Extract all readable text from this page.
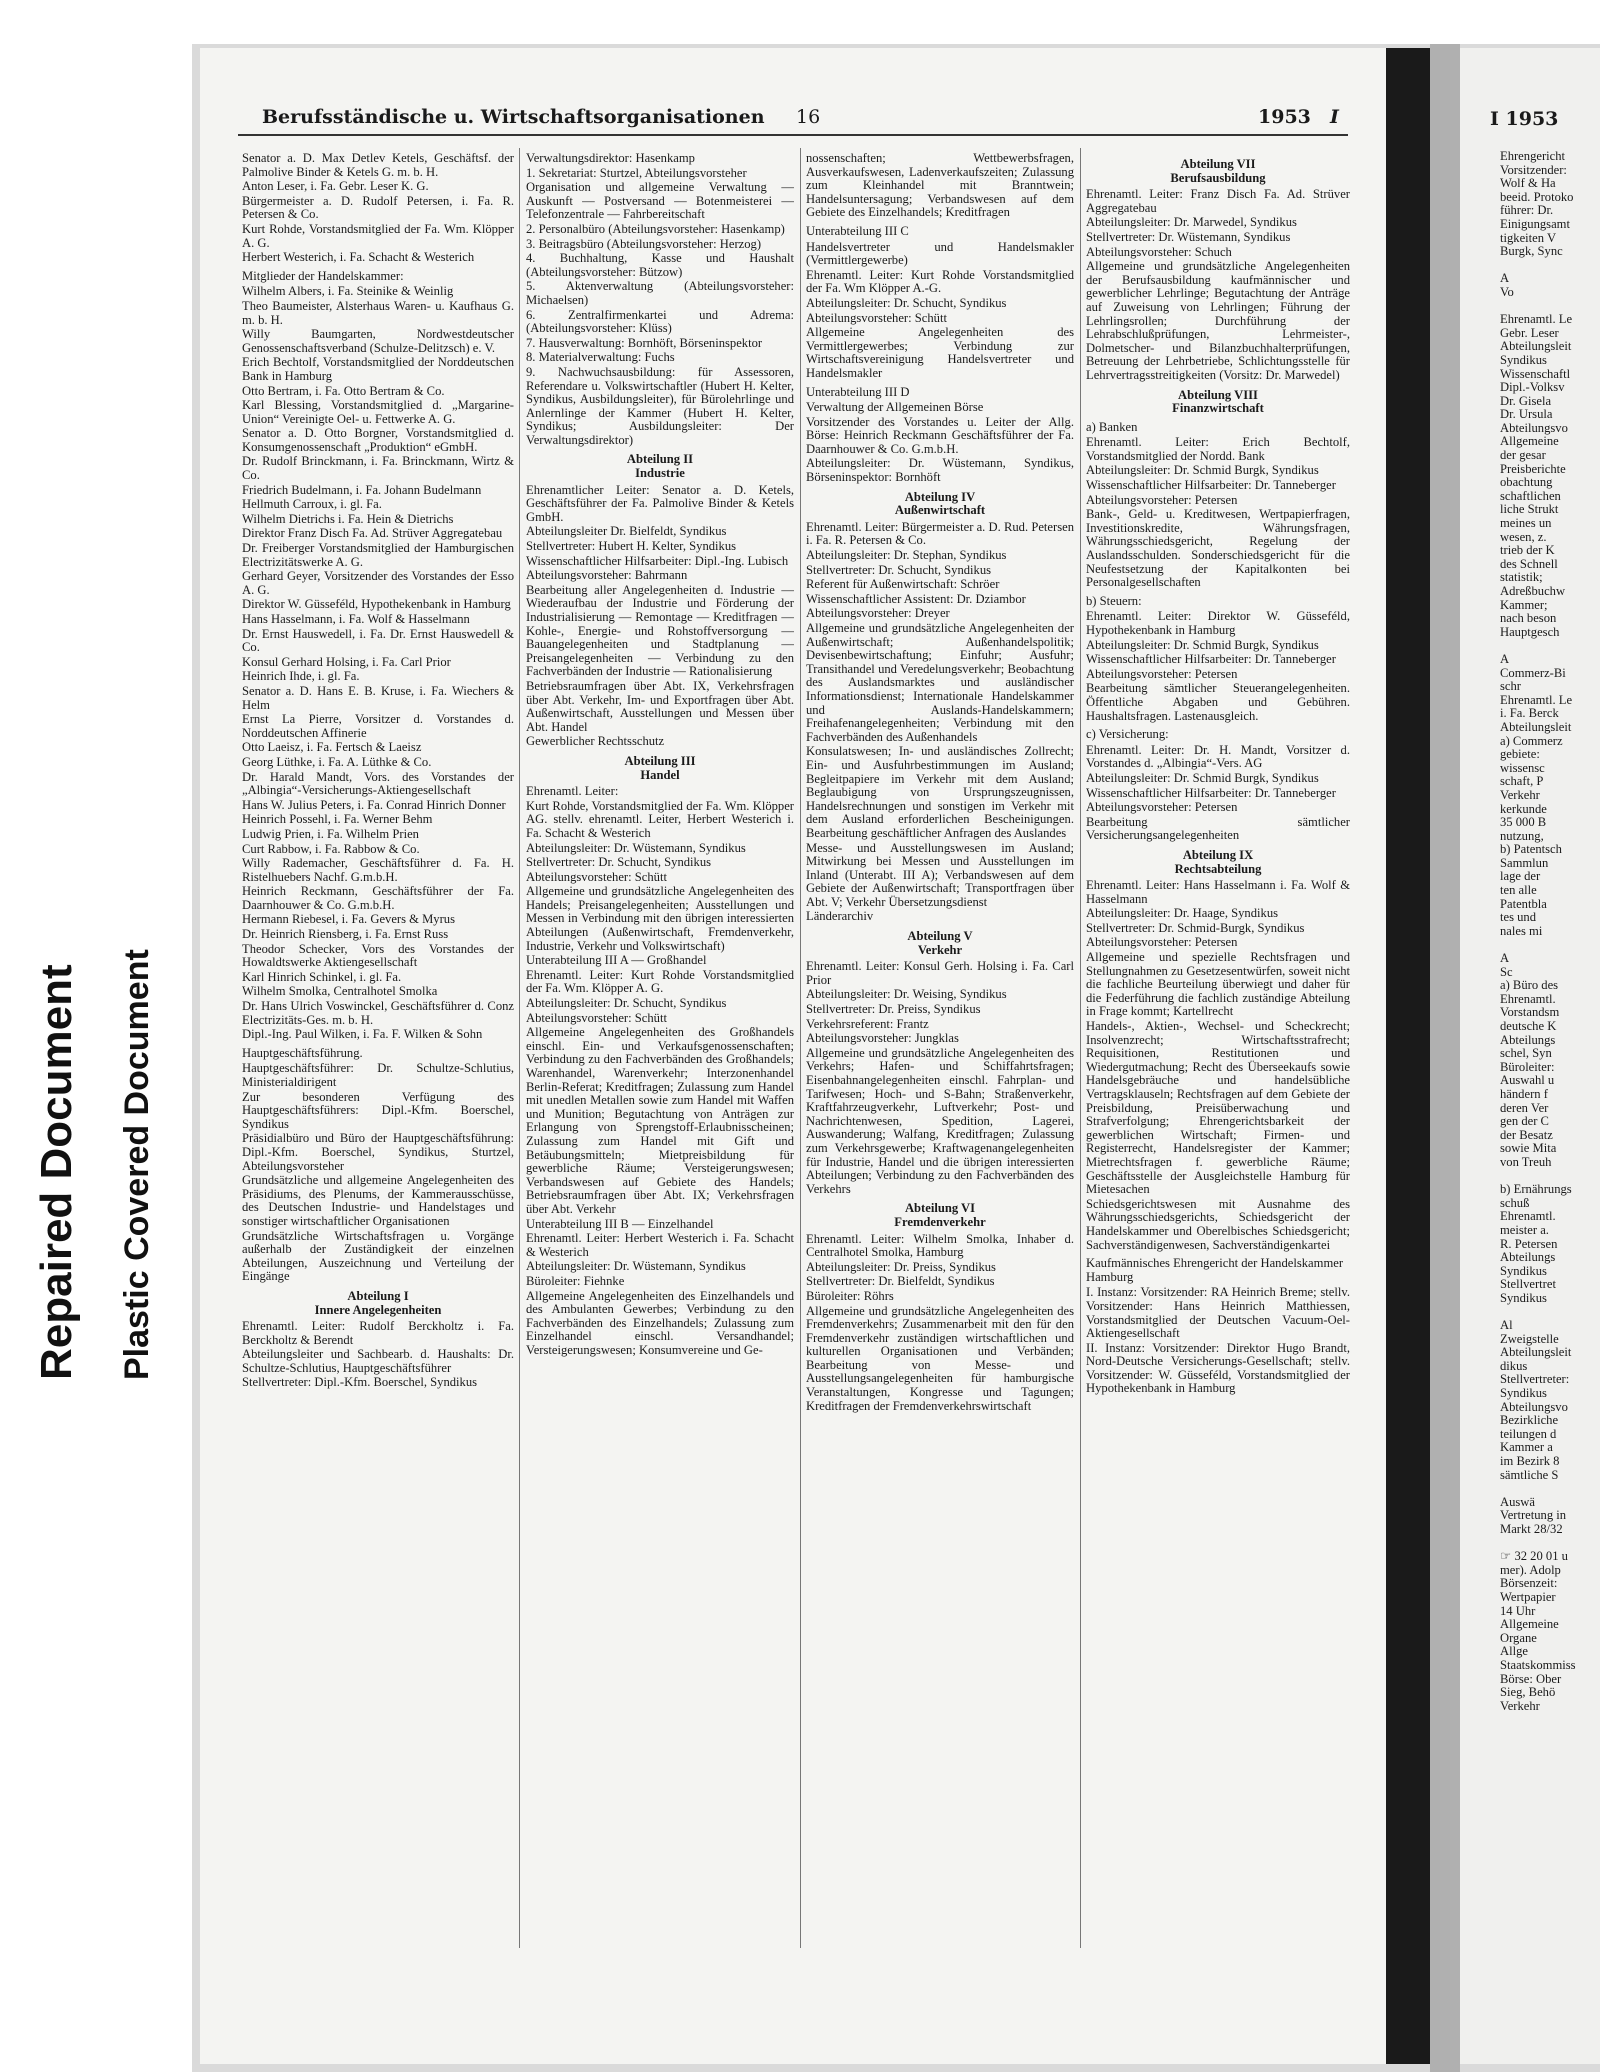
Repaired Document Plastic Covered Document
Berufsständische u. Wirtschaftsorganisationen 16	1953 I
Senator a. D. Max Detlev Ketels, Geschäftsf. der Palmolive Binder & Ketels G. m. b. H.
Anton Leser, i. Fa. Gebr. Leser K. G.
Bürgermeister a. D. Rudolf Petersen, i. Fa. R. Petersen & Co.
Kurt Rohde, Vorstandsmitglied der Fa. Wm. Klöpper A. G.
Herbert Westerich, i. Fa. Schacht & Westerich
Mitglieder der Handelskammer:
Wilhelm Albers, i. Fa. Steinike & Weinlig
Theo Baumeister, Alsterhaus Waren- u. Kaufhaus G. m. b. H.
Willy Baumgarten, Nordwestdeutscher Genossenschaftsverband (Schulze-Delitzsch) e. V.
Erich Bechtolf, Vorstandsmitglied der Norddeutschen Bank in Hamburg
Otto Bertram, i. Fa. Otto Bertram & Co.
Karl Blessing, Vorstandsmitglied d. „Margarine-Union“ Vereinigte Oel- u. Fettwerke A. G.
Senator a. D. Otto Borgner, Vorstandsmitglied d. Konsumgenossenschaft „Produktion“ eGmbH.
Dr. Rudolf Brinckmann, i. Fa. Brinckmann, Wirtz & Co.
Friedrich Budelmann, i. Fa. Johann Budelmann
Hellmuth Carroux, i. gl. Fa.
Wilhelm Dietrichs i. Fa. Hein & Dietrichs
Direktor Franz Disch Fa. Ad. Strüver Aggregatebau
Dr. Freiberger Vorstandsmitglied der Hamburgischen Electrizitätswerke A. G.
Gerhard Geyer, Vorsitzender des Vorstandes der Esso A. G.
Direktor W. Güsseféld, Hypothekenbank in Hamburg
Hans Hasselmann, i. Fa. Wolf & Hasselmann
Dr. Ernst Hauswedell, i. Fa. Dr. Ernst Hauswedell & Co.
Konsul Gerhard Holsing, i. Fa. Carl Prior
Heinrich Ihde, i. gl. Fa.
Senator a. D. Hans E. B. Kruse, i. Fa. Wiechers & Helm
Ernst La Pierre, Vorsitzer d. Vorstandes d. Norddeutschen Affinerie
Otto Laeisz, i. Fa. Fertsch & Laeisz
Georg Lüthke, i. Fa. A. Lüthke & Co.
Dr. Harald Mandt, Vors. des Vorstandes der „Albingia“-Versicherungs-Aktiengesellschaft
Hans W. Julius Peters, i. Fa. Conrad Hinrich Donner
Heinrich Possehl, i. Fa. Werner Behm
Ludwig Prien, i. Fa. Wilhelm Prien
Curt Rabbow, i. Fa. Rabbow & Co.
Willy Rademacher, Geschäftsführer d. Fa. H. Ristelhuebers Nachf. G.m.b.H.
Heinrich Reckmann, Geschäftsführer der Fa. Daarnhouwer & Co. G.m.b.H.
Hermann Riebesel, i. Fa. Gevers & Myrus
Dr. Heinrich Riensberg, i. Fa. Ernst Russ
Theodor Schecker, Vors des Vorstandes der Howaldtswerke Aktiengesellschaft
Karl Hinrich Schinkel, i. gl. Fa.
Wilhelm Smolka, Centralhotel Smolka
Dr. Hans Ulrich Voswinckel, Geschäftsführer d. Conz Electrizitäts-Ges. m. b. H.
Dipl.-Ing. Paul Wilken, i. Fa. F. Wilken & Sohn
Hauptgeschäftsführung.
Hauptgeschäftsführer: Dr. Schultze-Schlutius, Ministerialdirigent
Zur besonderen Verfügung des Hauptgeschäftsführers: Dipl.-Kfm. Boerschel, Syndikus
Präsidialbüro und Büro der Hauptgeschäftsführung: Dipl.-Kfm. Boerschel, Syndikus, Sturtzel, Abteilungsvorsteher
Grundsätzliche und allgemeine Angelegenheiten des Präsidiums, des Plenums, der Kammerausschüsse, des Deutschen Industrie- und Handelstages und sonstiger wirtschaftlicher Organisationen
Grundsätzliche Wirtschaftsfragen u. Vorgänge außerhalb der Zuständigkeit der einzelnen Abteilungen, Auszeichnung und Verteilung der Eingänge
Abteilung I
Innere Angelegenheiten
Ehrenamtl. Leiter: Rudolf Berckholtz i. Fa. Berckholtz & Berendt
Abteilungsleiter und Sachbearb. d. Haushalts: Dr. Schultze-Schlutius, Hauptgeschäftsführer
Stellvertreter: Dipl.-Kfm. Boerschel, Syndikus
Verwaltungsdirektor: Hasenkamp
1. Sekretariat: Sturtzel, Abteilungsvorsteher
Organisation und allgemeine Verwaltung — Auskunft — Postversand — Botenmeisterei — Telefonzentrale — Fahrbereitschaft
2. Personalbüro (Abteilungsvorsteher: Hasenkamp)
3. Beitragsbüro (Abteilungsvorsteher: Herzog)
4. Buchhaltung, Kasse und Haushalt (Abteilungsvorsteher: Bützow)
5. Aktenverwaltung (Abteilungsvorsteher: Michaelsen)
6. Zentralfirmenkartei und Adrema: (Abteilungsvorsteher: Klüss)
7. Hausverwaltung: Bornhöft, Börseninspektor
8. Materialverwaltung: Fuchs
9. Nachwuchsausbildung: für Assessoren, Referendare u. Volkswirtschaftler (Hubert H. Kelter, Syndikus, Ausbildungsleiter), für Bürolehrlinge und Anlernlinge der Kammer (Hubert H. Kelter, Syndikus; Ausbildungsleiter: Der Verwaltungsdirektor)
Abteilung II
Industrie
Ehrenamtlicher Leiter: Senator a. D. Ketels, Geschäftsführer der Fa. Palmolive Binder & Ketels GmbH.
Abteilungsleiter Dr. Bielfeldt, Syndikus
Stellvertreter: Hubert H. Kelter, Syndikus
Wissenschaftlicher Hilfsarbeiter: Dipl.-Ing. Lubisch
Abteilungsvorsteher: Bahrmann
Bearbeitung aller Angelegenheiten d. Industrie — Wiederaufbau der Industrie und Förderung der Industrialisierung — Remontage — Kreditfragen — Kohle-, Energie- und Rohstoffversorgung — Bauangelegenheiten und Stadtplanung — Preisangelegenheiten — Verbindung zu den Fachverbänden der Industrie — Rationalisierung
Betriebsraumfragen über Abt. IX, Verkehrsfragen über Abt. Verkehr, Im- und Exportfragen über Abt. Außenwirtschaft, Ausstellungen und Messen über Abt. Handel
Gewerblicher Rechtsschutz
Abteilung III
Handel
Ehrenamtl. Leiter:
Kurt Rohde, Vorstandsmitglied der Fa. Wm. Klöpper AG. stellv. ehrenamtl. Leiter, Herbert Westerich i. Fa. Schacht & Westerich
Abteilungsleiter: Dr. Wüstemann, Syndikus
Stellvertreter: Dr. Schucht, Syndikus
Abteilungsvorsteher: Schütt
Allgemeine und grundsätzliche Angelegenheiten des Handels; Preisangelegenheiten; Ausstellungen und Messen in Verbindung mit den übrigen interessierten Abteilungen (Außenwirtschaft, Fremdenverkehr, Industrie, Verkehr und Volkswirtschaft)
Unterabteilung III A — Großhandel
Ehrenamtl. Leiter: Kurt Rohde Vorstandsmitglied der Fa. Wm. Klöpper A. G.
Abteilungsleiter: Dr. Schucht, Syndikus
Abteilungsvorsteher: Schütt
Allgemeine Angelegenheiten des Großhandels einschl. Ein- und Verkaufsgenossenschaften; Verbindung zu den Fachverbänden des Großhandels; Warenhandel, Warenverkehr; Interzonenhandel Berlin-Referat; Kreditfragen; Zulassung zum Handel mit unedlen Metallen sowie zum Handel mit Waffen und Munition; Begutachtung von Anträgen zur Erlangung von Sprengstoff-Erlaubnisscheinen; Zulassung zum Handel mit Gift und Betäubungsmitteln; Mietpreisbildung für gewerbliche Räume; Versteigerungswesen; Verbandswesen auf Gebiete des Handels; Betriebsraumfragen über Abt. IX; Verkehrsfragen über Abt. Verkehr
Unterabteilung III B — Einzelhandel
Ehrenamtl. Leiter: Herbert Westerich i. Fa. Schacht & Westerich
Abteilungsleiter: Dr. Wüstemann, Syndikus
Büroleiter: Fiehnke
Allgemeine Angelegenheiten des Einzelhandels und des Ambulanten Gewerbes; Verbindung zu den Fachverbänden des Einzelhandels; Zulassung zum Einzelhandel einschl. Versandhandel; Versteigerungswesen; Konsumvereine und Ge-
nossenschaften; Wettbewerbsfragen, Ausverkaufswesen, Ladenverkaufszeiten; Zulassung zum Kleinhandel mit Branntwein; Handelsuntersagung; Verbandswesen auf dem Gebiete des Einzelhandels; Kreditfragen
Unterabteilung III C
Handelsvertreter und Handelsmakler (Vermittlergewerbe)
Ehrenamtl. Leiter: Kurt Rohde Vorstandsmitglied der Fa. Wm Klöpper A.-G.
Abteilungsleiter: Dr. Schucht, Syndikus
Abteilungsvorsteher: Schütt
Allgemeine Angelegenheiten des Vermittlergewerbes; Verbindung zur Wirtschaftsvereinigung Handelsvertreter und Handelsmakler
Unterabteilung III D
Verwaltung der Allgemeinen Börse
Vorsitzender des Vorstandes u. Leiter der Allg. Börse: Heinrich Reckmann Geschäftsführer der Fa. Daarnhouwer & Co. G.m.b.H.
Abteilungsleiter: Dr. Wüstemann, Syndikus, Börseninspektor: Bornhöft
Abteilung IV
Außenwirtschaft
Ehrenamtl. Leiter: Bürgermeister a. D. Rud. Petersen i. Fa. R. Petersen & Co.
Abteilungsleiter: Dr. Stephan, Syndikus
Stellvertreter: Dr. Schucht, Syndikus
Referent für Außenwirtschaft: Schröer
Wissenschaftlicher Assistent: Dr. Dziambor
Abteilungsvorsteher: Dreyer
Allgemeine und grundsätzliche Angelegenheiten der Außenwirtschaft; Außenhandelspolitik; Devisenbewirtschaftung; Einfuhr; Ausfuhr; Transithandel und Veredelungsverkehr; Beobachtung des Auslandsmarktes und ausländischer Informationsdienst; Internationale Handelskammer und Auslands-Handelskammern; Freihafenangelegenheiten; Verbindung mit den Fachverbänden des Außenhandels
Konsulatswesen; In- und ausländisches Zollrecht; Ein- und Ausfuhrbestimmungen im Ausland; Begleitpapiere im Verkehr mit dem Ausland; Beglaubigung von Ursprungszeugnissen, Handelsrechnungen und sonstigen im Verkehr mit dem Ausland erforderlichen Bescheinigungen. Bearbeitung geschäftlicher Anfragen des Auslandes
Messe- und Ausstellungswesen im Ausland; Mitwirkung bei Messen und Ausstellungen im Inland (Unterabt. III A); Verbandswesen auf dem Gebiete der Außenwirtschaft; Transportfragen über Abt. V; Verkehr Übersetzungsdienst
Länderarchiv
Abteilung V
Verkehr
Ehrenamtl. Leiter: Konsul Gerh. Holsing i. Fa. Carl Prior
Abteilungsleiter: Dr. Weising, Syndikus
Stellvertreter: Dr. Preiss, Syndikus
Verkehrsreferent: Frantz
Abteilungsvorsteher: Jungklas
Allgemeine und grundsätzliche Angelegenheiten des Verkehrs; Hafen- und Schiffahrtsfragen; Eisenbahnangelegenheiten einschl. Fahrplan- und Tarifwesen; Hoch- und S-Bahn; Straßenverkehr, Kraftfahrzeugverkehr, Luftverkehr; Post- und Nachrichtenwesen, Spedition, Lagerei, Auswanderung; Walfang, Kreditfragen; Zulassung zum Verkehrsgewerbe; Kraftwagenangelegenheiten für Industrie, Handel und die übrigen interessierten Abteilungen; Verbindung zu den Fachverbänden des Verkehrs
Abteilung VI
Fremdenverkehr
Ehrenamtl. Leiter: Wilhelm Smolka, Inhaber d. Centralhotel Smolka, Hamburg
Abteilungsleiter: Dr. Preiss, Syndikus
Stellvertreter: Dr. Bielfeldt, Syndikus
Büroleiter: Röhrs
Allgemeine und grundsätzliche Angelegenheiten des Fremdenverkehrs; Zusammenarbeit mit den für den Fremdenverkehr zuständigen wirtschaftlichen und kulturellen Organisationen und Verbänden; Bearbeitung von Messe- und Ausstellungsangelegenheiten für hamburgische Veranstaltungen, Kongresse und Tagungen; Kreditfragen der Fremdenverkehrswirtschaft
Abteilung VII
Berufsausbildung
Ehrenamtl. Leiter: Franz Disch Fa. Ad. Strüver Aggregatebau
Abteilungsleiter: Dr. Marwedel, Syndikus
Stellvertreter: Dr. Wüstemann, Syndikus
Abteilungsvorsteher: Schuch
Allgemeine und grundsätzliche Angelegenheiten der Berufsausbildung kaufmännischer und gewerblicher Lehrlinge; Begutachtung der Anträge auf Zuweisung von Lehrlingen; Führung der Lehrlingsrollen; Durchführung der Lehrabschlußprüfungen, Lehrmeister-, Dolmetscher- und Bilanzbuchhalterprüfungen, Betreuung der Lehrbetriebe, Schlichtungsstelle für Lehrvertragsstreitigkeiten (Vorsitz: Dr. Marwedel)
Abteilung VIII
Finanzwirtschaft
a) Banken
Ehrenamtl. Leiter: Erich Bechtolf, Vorstandsmitglied der Nordd. Bank
Abteilungsleiter: Dr. Schmid Burgk, Syndikus
Wissenschaftlicher Hilfsarbeiter: Dr. Tanneberger
Abteilungsvorsteher: Petersen
Bank-, Geld- u. Kreditwesen, Wertpapierfragen, Investitionskredite, Währungsfragen, Währungsschiedsgericht, Regelung der Auslandsschulden. Sonderschiedsgericht für die Neufestsetzung der Kapitalkonten bei Personalgesellschaften
b) Steuern:
Ehrenamtl. Leiter: Direktor W. Güsseféld, Hypothekenbank in Hamburg
Abteilungsleiter: Dr. Schmid Burgk, Syndikus
Wissenschaftlicher Hilfsarbeiter: Dr. Tanneberger
Abteilungsvorsteher: Petersen
Bearbeitung sämtlicher Steuerangelegenheiten. Öffentliche Abgaben und Gebühren. Haushaltsfragen. Lastenausgleich.
c) Versicherung:
Ehrenamtl. Leiter: Dr. H. Mandt, Vorsitzer d. Vorstandes d. „Albingia“-Vers. AG
Abteilungsleiter: Dr. Schmid Burgk, Syndikus
Wissenschaftlicher Hilfsarbeiter: Dr. Tanneberger
Abteilungsvorsteher: Petersen
Bearbeitung sämtlicher Versicherungsangelegenheiten
Abteilung IX
Rechtsabteilung
Ehrenamtl. Leiter: Hans Hasselmann i. Fa. Wolf & Hasselmann
Abteilungsleiter: Dr. Haage, Syndikus
Stellvertreter: Dr. Schmid-Burgk, Syndikus
Abteilungsvorsteher: Petersen
Allgemeine und spezielle Rechtsfragen und Stellungnahmen zu Gesetzesentwürfen, soweit nicht die fachliche Beurteilung überwiegt und daher für die Federführung die fachlich zuständige Abteilung in Frage kommt; Kartellrecht
Handels-, Aktien-, Wechsel- und Scheckrecht; Insolvenzrecht; Wirtschaftsstrafrecht; Requisitionen, Restitutionen und Wiedergutmachung; Recht des Überseekaufs sowie Handelsgebräuche und handelsübliche Vertragsklauseln; Rechtsfragen auf dem Gebiete der Preisbildung, Preisüberwachung und Strafverfolgung; Ehrengerichtsbarkeit der gewerblichen Wirtschaft; Firmen- und Registerrecht, Handelsregister der Kammer; Mietrechtsfragen f. gewerbliche Räume; Geschäftsstelle der Ausgleichstelle Hamburg für Mietesachen
Schiedsgerichtswesen mit Ausnahme des Währungsschiedsgerichts, Schiedsgericht der Handelskammer und Oberelbisches Schiedsgericht; Sachverständigenwesen, Sachverständigenkartei
Kaufmännisches Ehrengericht der Handelskammer Hamburg
I. Instanz: Vorsitzender: RA Heinrich Breme; stellv. Vorsitzender: Hans Heinrich Matthiessen, Vorstandsmitglied der Deutschen Vacuum-Oel-Aktiengesellschaft
II. Instanz: Vorsitzender: Direktor Hugo Brandt, Nord-Deutsche Versicherungs-Gesellschaft; stellv. Vorsitzender: W. Güsseféld, Vorstandsmitglied der Hypothekenbank in Hamburg
I 1953
Ehrengericht
Vorsitzender:
Wolf & Ha
beeid. Protoko
führer: Dr.
Einigungsamt
tigkeiten V
Burgk, Sync

A
Vo

Ehrenamtl. Le
Gebr. Leser
Abteilungsleit
Syndikus
Wissenschaftl
Dipl.-Volksv
Dr. Gisela
Dr. Ursula
Abteilungsvo
Allgemeine
der gesar
Preisberichte
obachtung
schaftlichen
liche Strukt
meines un
wesen, z.
trieb der K
des Schnell
statistik;
Adreßbuchw
Kammer;
nach beson
Hauptgesch

A
Commerz-Bi
schr
Ehrenamtl. Le
i. Fa. Berck
Abteilungsleit
a) Commerz
gebiete:
wissensc
schaft, P
Verkehr
kerkunde
35 000 B
nutzung,
b) Patentsch
Sammlun
lage der
ten alle
Patentbla
tes und
nales mi

A
Sc
a) Büro des
Ehrenamtl.
Vorstandsm
deutsche K
Abteilungs
schel, Syn
Büroleiter:
Auswahl u
händern f
deren Ver
gen der C
der Besatz
sowie Mita
von Treuh

b) Ernährungs
schuß
Ehrenamtl.
meister a.
R. Petersen
Abteilungs
Syndikus
Stellvertret
Syndikus

Al
Zweigstelle
Abteilungsleit
dikus
Stellvertreter:
Syndikus
Abteilungsvo
Bezirkliche
teilungen d
Kammer a
im Bezirk 8
sämtliche S

Auswä
Vertretung in
Markt 28/32

☞ 32 20 01 u
mer). Adolp
Börsenzeit:
Wertpapier
14 Uhr
Allgemeine
Organe
Allge
Staatskommiss
Börse: Ober
Sieg, Behö
Verkehr
